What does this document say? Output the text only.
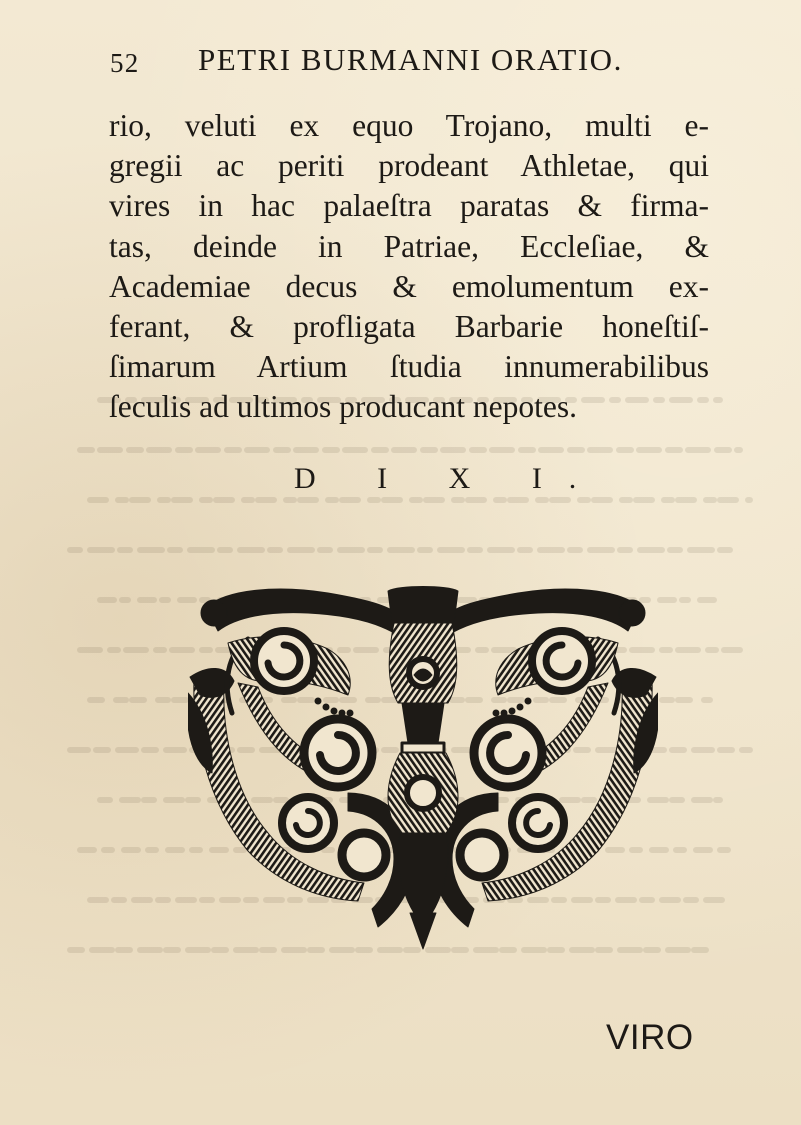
52 PETRI BURMANNI ORATIO.
rio, veluti ex equo Trojano, multi e-
gregii ac periti prodeant Athletae, qui
vires in hac palaeſtra paratas & firma-
tas, deinde in Patriae, Eccleſiae, &
Academiae decus & emolumentum ex-
ferant, & profligata Barbarie honeſtiſ-
ſimarum Artium ſtudia innumerabilibus
ſeculis ad ultimos producant nepotes.
D I X I.
VIRO
